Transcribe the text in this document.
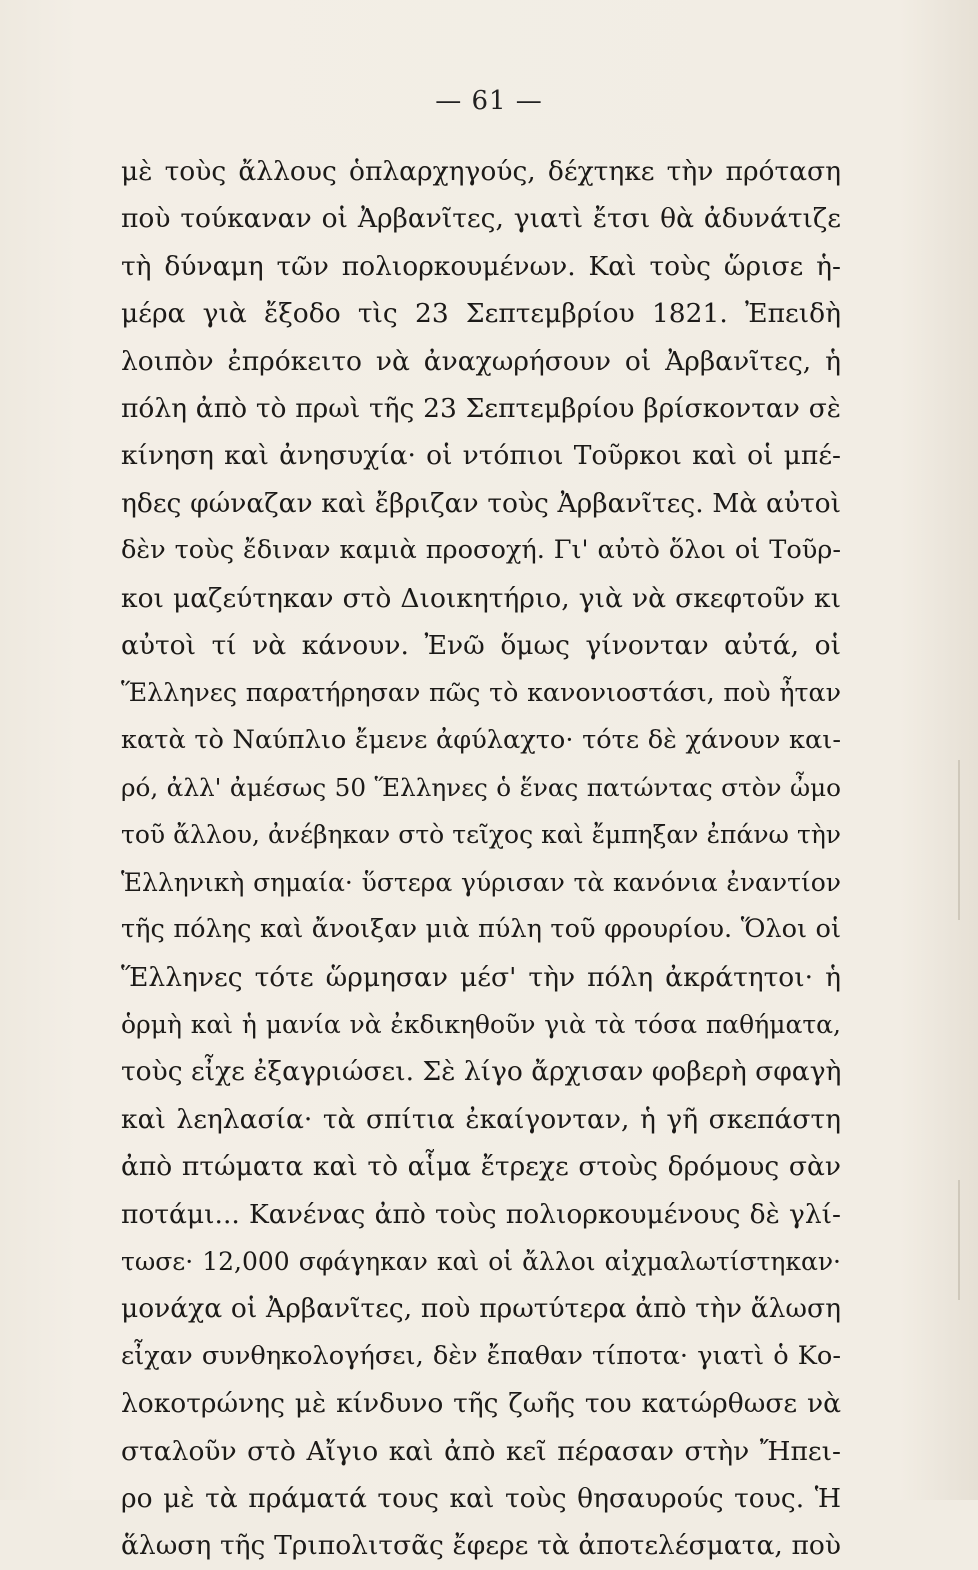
— 61 —
μὲ τοὺς ἄλλους ὁπλαρχηγούς, δέχτηκε τὴν πρόταση
ποὺ τούκαναν οἱ Ἀρβανῖτες, γιατὶ ἔτσι θὰ ἀδυνάτιζε
τὴ δύναμη τῶν πολιορκουμένων. Καὶ τοὺς ὥρισε ἡ-
μέρα γιὰ ἔξοδο τὶς 23 Σεπτεμβρίου 1821. Ἐπειδὴ
λοιπὸν ἐπρόκειτο νὰ ἀναχωρήσουν οἱ Ἀρβανῖτες, ἡ
πόλη ἀπὸ τὸ πρωὶ τῆς 23 Σεπτεμβρίου βρίσκονταν σὲ
κίνηση καὶ ἀνησυχία· οἱ ντόπιοι Τοῦρκοι καὶ οἱ μπέ-
ηδες φώναζαν καὶ ἔβριζαν τοὺς Ἀρβανῖτες. Μὰ αὐτοὶ
δὲν τοὺς ἔδιναν καμιὰ προσοχή. Γι' αὐτὸ ὅλοι οἱ Τοῦρ-
κοι μαζεύτηκαν στὸ Διοικητήριο, γιὰ νὰ σκεφτοῦν κι
αὐτοὶ τί νὰ κάνουν. Ἐνῶ ὅμως γίνονταν αὐτά, οἱ
Ἕλληνες παρατήρησαν πῶς τὸ κανονιοστάσι, ποὺ ἦταν
κατὰ τὸ Ναύπλιο ἔμενε ἀφύλαχτο· τότε δὲ χάνουν και-
ρό, ἀλλ' ἀμέσως 50 Ἕλληνες ὁ ἕνας πατώντας στὸν ὦμο
τοῦ ἄλλου, ἀνέβηκαν στὸ τεῖχος καὶ ἔμπηξαν ἐπάνω τὴν
Ἑλληνικὴ σημαία· ὕστερα γύρισαν τὰ κανόνια ἐναντίον
τῆς πόλης καὶ ἄνοιξαν μιὰ πύλη τοῦ φρουρίου. Ὅλοι οἱ
Ἕλληνες τότε ὥρμησαν μέσ' τὴν πόλη ἀκράτητοι· ἡ
ὁρμὴ καὶ ἡ μανία νὰ ἐκδικηθοῦν γιὰ τὰ τόσα παθήματα,
τοὺς εἶχε ἐξαγριώσει. Σὲ λίγο ἄρχισαν φοβερὴ σφαγὴ
καὶ λεηλασία· τὰ σπίτια ἐκαίγονταν, ἡ γῆ σκεπάστη
ἀπὸ πτώματα καὶ τὸ αἷμα ἔτρεχε στοὺς δρόμους σὰν
ποτάμι... Κανένας ἀπὸ τοὺς πολιορκουμένους δὲ γλί-
τωσε· 12,000 σφάγηκαν καὶ οἱ ἄλλοι αἰχμαλωτίστηκαν·
μονάχα οἱ Ἀρβανῖτες, ποὺ πρωτύτερα ἀπὸ τὴν ἅλωση
εἶχαν συνθηκολογήσει, δὲν ἔπαθαν τίποτα· γιατὶ ὁ Κο-
λοκοτρώνης μὲ κίνδυνο τῆς ζωῆς του κατώρθωσε νὰ
σταλοῦν στὸ Αἴγιο καὶ ἀπὸ κεῖ πέρασαν στὴν Ἤπει-
ρο μὲ τὰ πράματά τους καὶ τοὺς θησαυρούς τους. Ἡ
ἅλωση τῆς Τριπολιτσᾶς ἔφερε τὰ ἀποτελέσματα, ποὺ
